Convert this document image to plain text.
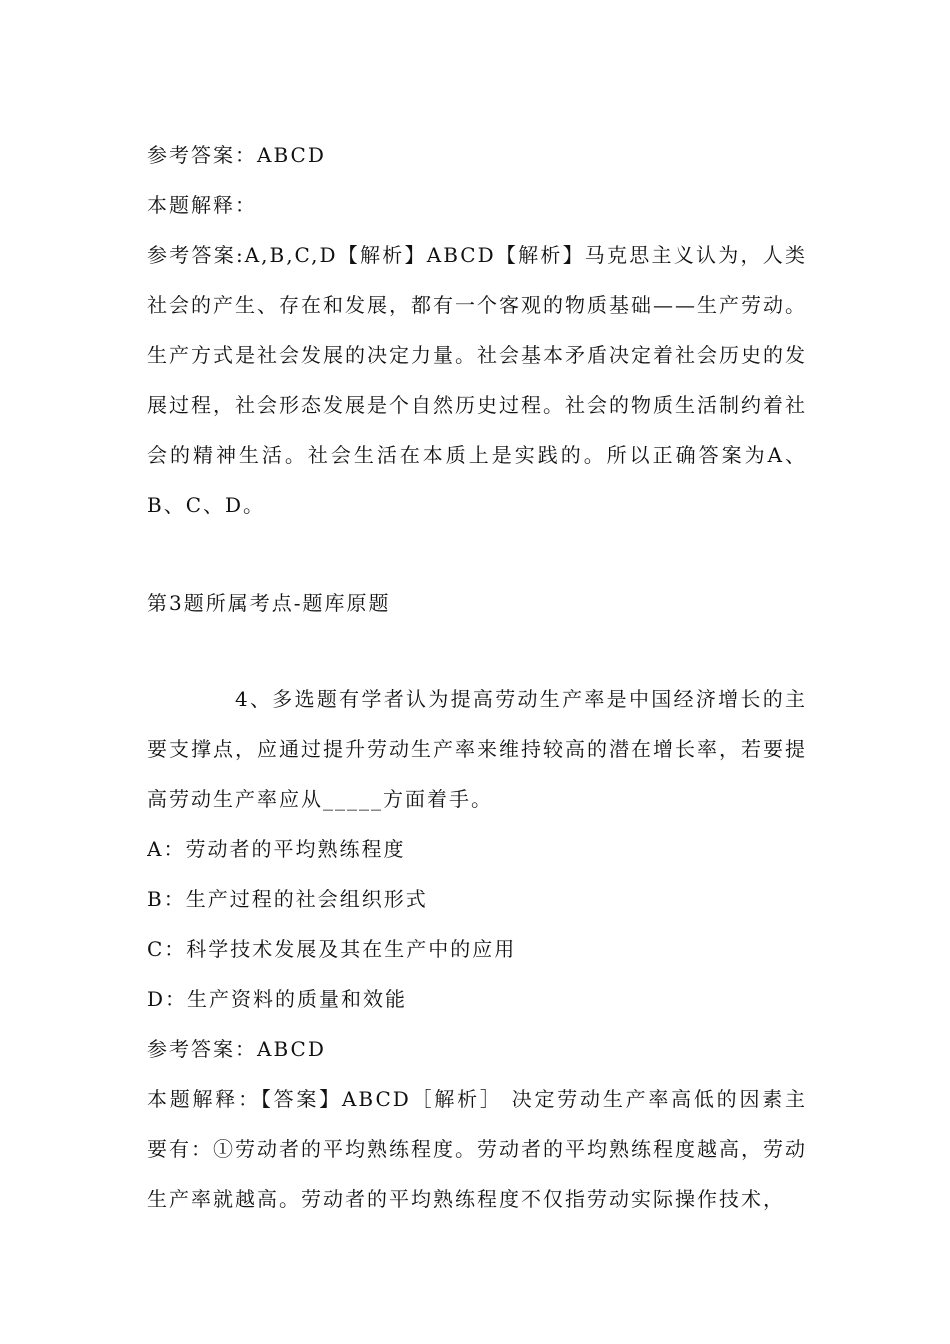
参考答案：ABCD
本题解释：
参考答案:A,B,C,D【解析】ABCD【解析】马克思主义认为，人类社会的产生、存在和发展，都有一个客观的物质基础——生产劳动。生产方式是社会发展的决定力量。社会基本矛盾决定着社会历史的发展过程，社会形态发展是个自然历史过程。社会的物质生活制约着社会的精神生活。社会生活在本质上是实践的。所以正确答案为A、B、C、D。
第3题所属考点-题库原题
4、多选题有学者认为提高劳动生产率是中国经济增长的主要支撑点，应通过提升劳动生产率来维持较高的潜在增长率，若要提高劳动生产率应从_____方面着手。
A：劳动者的平均熟练程度
B：生产过程的社会组织形式
C：科学技术发展及其在生产中的应用
D：生产资料的质量和效能
参考答案：ABCD
本题解释：【答案】ABCD［解析］ 决定劳动生产率高低的因素主要有：①劳动者的平均熟练程度。劳动者的平均熟练程度越高，劳动生产率就越高。劳动者的平均熟练程度不仅指劳动实际操作技术，
